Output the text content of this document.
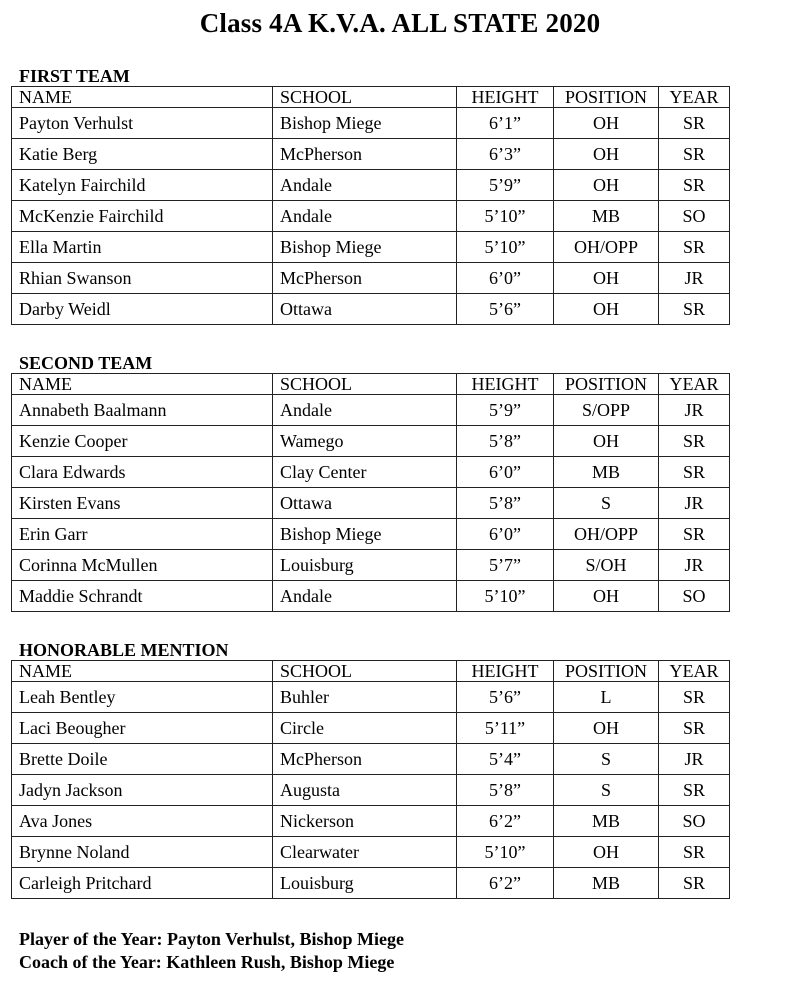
Class 4A K.V.A. ALL STATE 2020
FIRST TEAM
NAME	SCHOOL	HEIGHT	POSITION	YEAR
Payton Verhulst	Bishop Miege	6’1”	OH	SR
Katie Berg	McPherson	6’3”	OH	SR
Katelyn Fairchild	Andale	5’9”	OH	SR
McKenzie Fairchild	Andale	5’10”	MB	SO
Ella Martin	Bishop Miege	5’10”	OH/OPP	SR
Rhian Swanson	McPherson	6’0”	OH	JR
Darby Weidl	Ottawa	5’6”	OH	SR
SECOND TEAM
NAME	SCHOOL	HEIGHT	POSITION	YEAR
Annabeth Baalmann	Andale	5’9”	S/OPP	JR
Kenzie Cooper	Wamego	5’8”	OH	SR
Clara Edwards	Clay Center	6’0”	MB	SR
Kirsten Evans	Ottawa	5’8”	S	JR
Erin Garr	Bishop Miege	6’0”	OH/OPP	SR
Corinna McMullen	Louisburg	5’7”	S/OH	JR
Maddie Schrandt	Andale	5’10”	OH	SO
HONORABLE MENTION
NAME	SCHOOL	HEIGHT	POSITION	YEAR
Leah Bentley	Buhler	5’6”	L	SR
Laci Beougher	Circle	5’11”	OH	SR
Brette Doile	McPherson	5’4”	S	JR
Jadyn Jackson	Augusta	5’8”	S	SR
Ava Jones	Nickerson	6’2”	MB	SO
Brynne Noland	Clearwater	5’10”	OH	SR
Carleigh Pritchard	Louisburg	6’2”	MB	SR
Player of the Year: Payton Verhulst, Bishop Miege
Coach of the Year: Kathleen Rush, Bishop Miege
